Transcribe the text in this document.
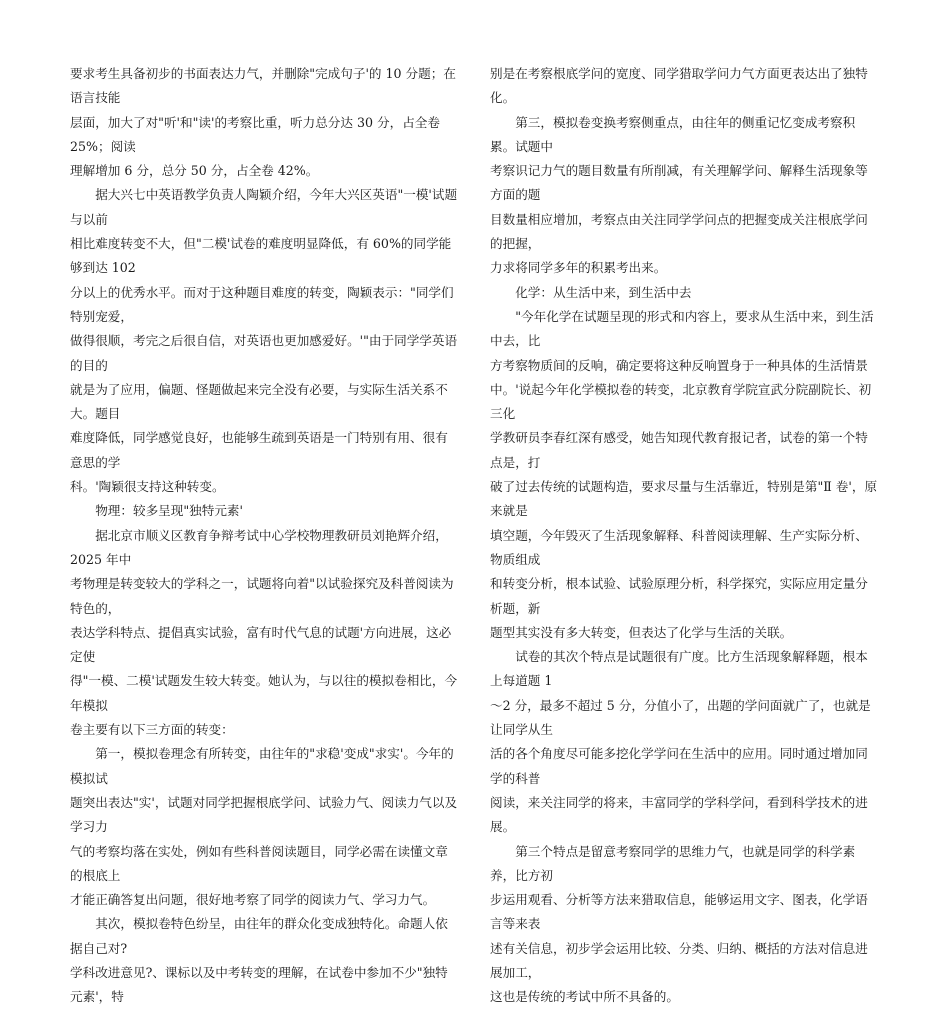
要求考生具备初步的书面表达力气，并删除"完成句子'的 10 分题；在语言技能
层面，加大了对"听'和"读'的考察比重，听力总分达 30 分，占全卷 25%；阅读
理解增加 6 分，总分 50 分，占全卷 42%。

　　据大兴七中英语教学负责人陶颖介绍，今年大兴区英语"一模'试题与以前
相比难度转变不大，但"二模'试卷的难度明显降低，有 60%的同学能够到达 102
分以上的优秀水平。而对于这种题目难度的转变，陶颖表示："同学们特别宠爱，
做得很顺，考完之后很自信，对英语也更加感爱好。'"由于同学学英语的目的
就是为了应用，偏题、怪题做起来完全没有必要，与实际生活关系不大。题目
难度降低，同学感觉良好，也能够生疏到英语是一门特别有用、很有意思的学
科。'陶颖很支持这种转变。

　　物理：较多呈现"独特元素'

　　据北京市顺义区教育争辩考试中心学校物理教研员刘艳辉介绍，2025 年中
考物理是转变较大的学科之一，试题将向着"以试验探究及科普阅读为特色的，
表达学科特点、提倡真实试验，富有时代气息的试题'方向进展，这必定使
得"一模、二模'试题发生较大转变。她认为，与以往的模拟卷相比，今年模拟
卷主要有以下三方面的转变：

　　第一，模拟卷理念有所转变，由往年的"求稳'变成"求实'。今年的模拟试
题突出表达"实'，试题对同学把握根底学问、试验力气、阅读力气以及学习力
气的考察均落在实处，例如有些科普阅读题目，同学必需在读懂文章的根底上
才能正确答复出问题，很好地考察了同学的阅读力气、学习力气。

　　其次，模拟卷特色纷呈，由往年的群众化变成独特化。命题人依据自己对?
学科改进意见?、课标以及中考转变的理解，在试卷中参加不少"独特元素'，特

别是在考察根底学问的宽度、同学猎取学问力气方面更表达出了独特化。

　　第三，模拟卷变换考察侧重点，由往年的侧重记忆变成考察积累。试题中
考察识记力气的题目数量有所削减，有关理解学问、解释生活现象等方面的题
目数量相应增加，考察点由关注同学学问点的把握变成关注根底学问的把握，
力求将同学多年的积累考出来。

　　化学：从生活中来，到生活中去

　　"今年化学在试题呈现的形式和内容上，要求从生活中来，到生活中去，比
方考察物质间的反响，确定要将这种反响置身于一种具体的生活情景
中。'说起今年化学模拟卷的转变，北京教育学院宣武分院副院长、初三化
学教研员李春红深有感受，她告知现代教育报记者，试卷的第一个特点是，打
破了过去传统的试题构造，要求尽量与生活靠近，特别是第"Ⅱ 卷'，原来就是
填空题，今年毁灭了生活现象解释、科普阅读理解、生产实际分析、物质组成
和转变分析，根本试验、试验原理分析，科学探究，实际应用定量分析题，新
题型其实没有多大转变，但表达了化学与生活的关联。

　　试卷的其次个特点是试题很有广度。比方生活现象解释题，根本上每道题 1
～2 分，最多不超过 5 分，分值小了，出题的学问面就广了，也就是让同学从生
活的各个角度尽可能多挖化学学问在生活中的应用。同时通过增加同学的科普
阅读，来关注同学的将来，丰富同学的学科学问，看到科学技术的进展。

　　第三个特点是留意考察同学的思维力气，也就是同学的科学素养，比方初
步运用观看、分析等方法来猎取信息，能够运用文字、图表，化学语言等来表
述有关信息，初步学会运用比较、分类、归纳、概括的方法对信息进展加工，
这也是传统的考试中所不具备的。
